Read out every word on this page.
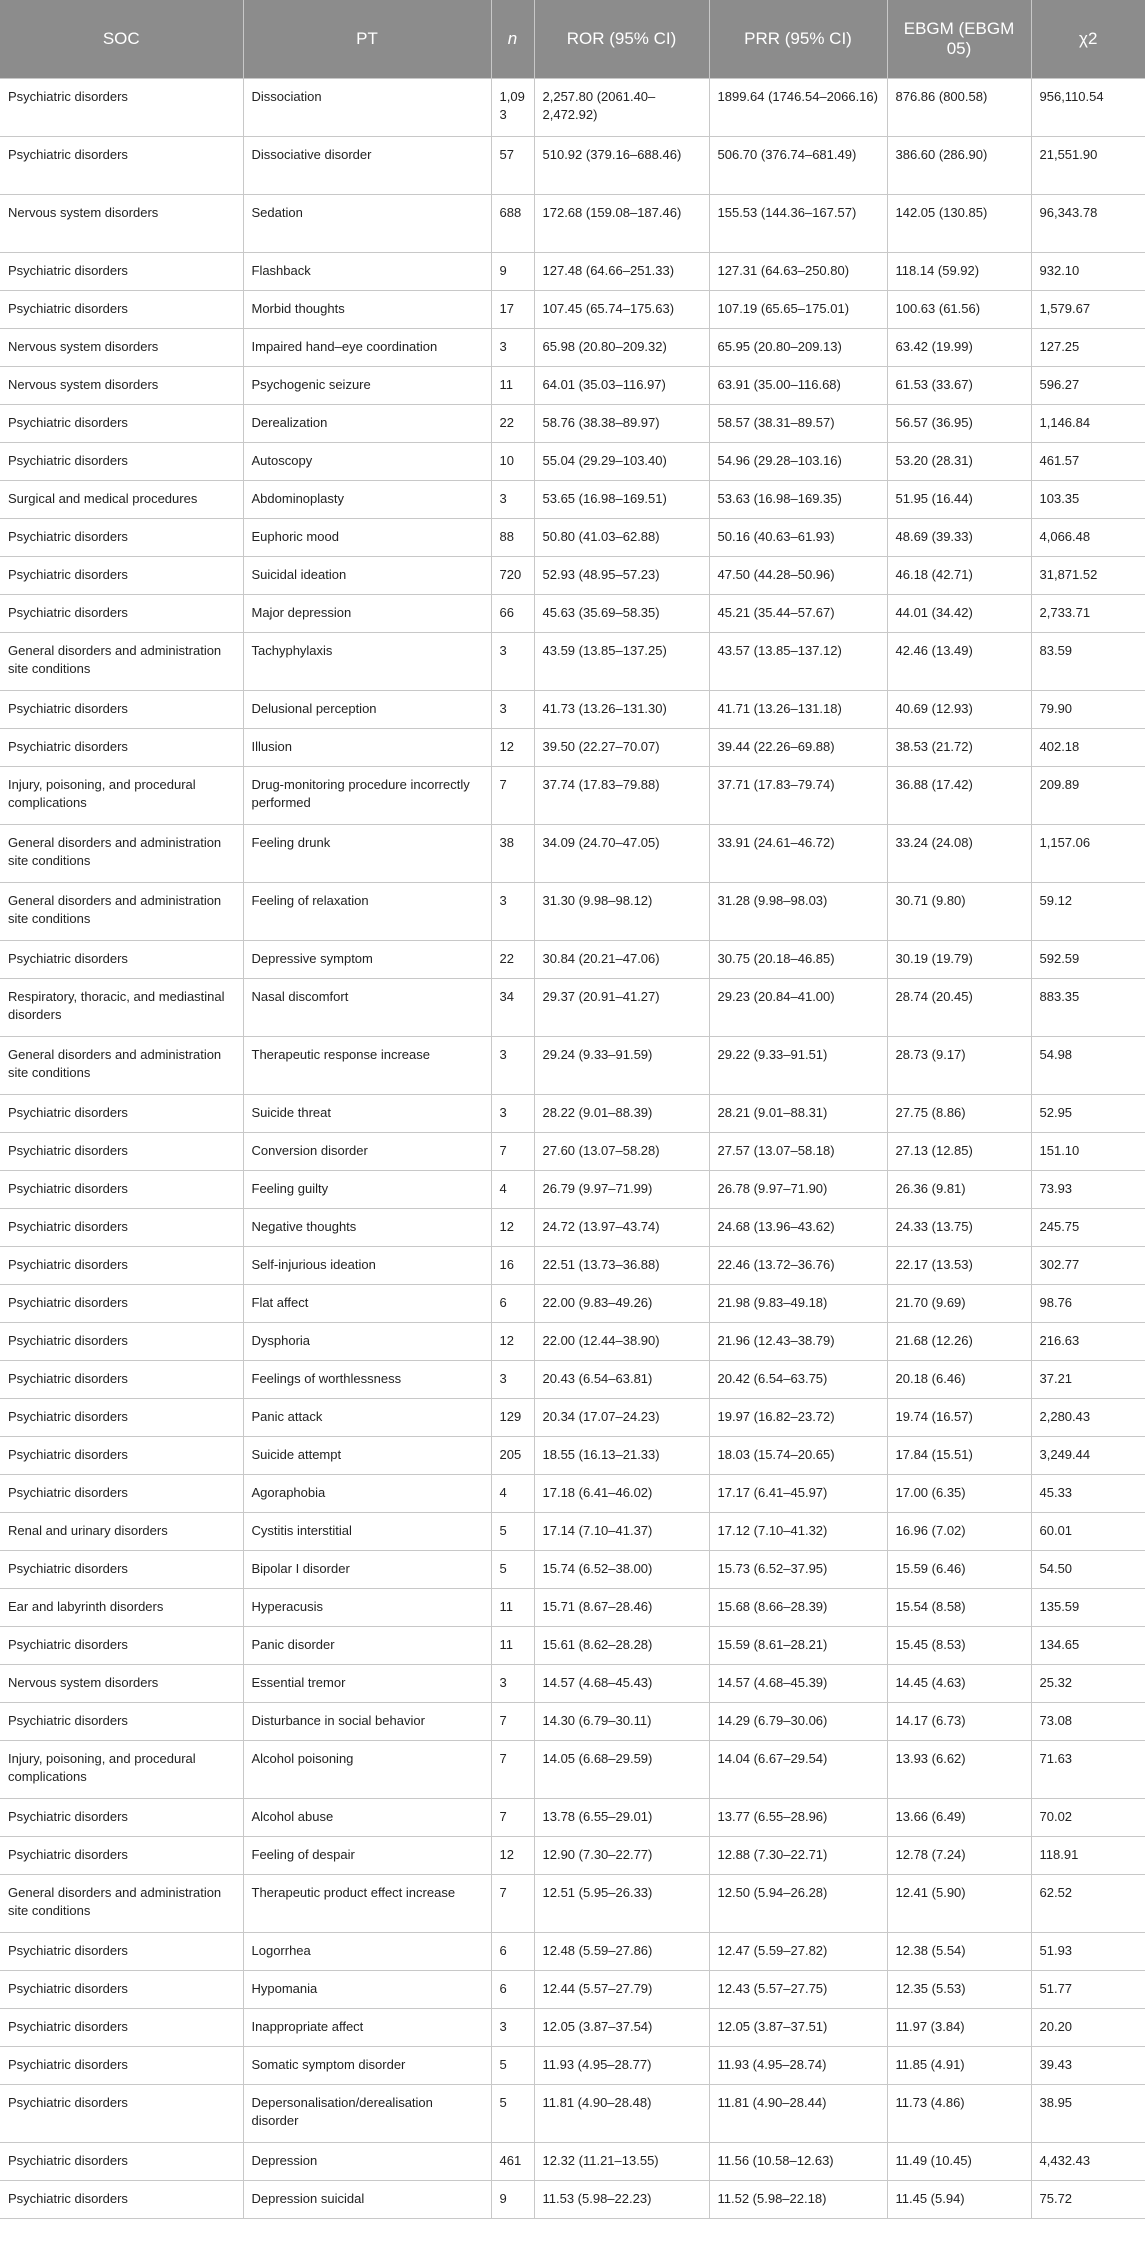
SOC	PT	n	ROR (95% CI)	PRR (95% CI)	EBGM (EBGM 05)	χ2
Psychiatric disorders	Dissociation	1,093	2,257.80 (2061.40–2,472.92)	1899.64 (1746.54–2066.16)	876.86 (800.58)	956,110.54
Psychiatric disorders	Dissociative disorder	57	510.92 (379.16–688.46)	506.70 (376.74–681.49)	386.60 (286.90)	21,551.90
Nervous system disorders	Sedation	688	172.68 (159.08–187.46)	155.53 (144.36–167.57)	142.05 (130.85)	96,343.78
Psychiatric disorders	Flashback	9	127.48 (64.66–251.33)	127.31 (64.63–250.80)	118.14 (59.92)	932.10
Psychiatric disorders	Morbid thoughts	17	107.45 (65.74–175.63)	107.19 (65.65–175.01)	100.63 (61.56)	1,579.67
Nervous system disorders	Impaired hand–eye coordination	3	65.98 (20.80–209.32)	65.95 (20.80–209.13)	63.42 (19.99)	127.25
Nervous system disorders	Psychogenic seizure	11	64.01 (35.03–116.97)	63.91 (35.00–116.68)	61.53 (33.67)	596.27
Psychiatric disorders	Derealization	22	58.76 (38.38–89.97)	58.57 (38.31–89.57)	56.57 (36.95)	1,146.84
Psychiatric disorders	Autoscopy	10	55.04 (29.29–103.40)	54.96 (29.28–103.16)	53.20 (28.31)	461.57
Surgical and medical procedures	Abdominoplasty	3	53.65 (16.98–169.51)	53.63 (16.98–169.35)	51.95 (16.44)	103.35
Psychiatric disorders	Euphoric mood	88	50.80 (41.03–62.88)	50.16 (40.63–61.93)	48.69 (39.33)	4,066.48
Psychiatric disorders	Suicidal ideation	720	52.93 (48.95–57.23)	47.50 (44.28–50.96)	46.18 (42.71)	31,871.52
Psychiatric disorders	Major depression	66	45.63 (35.69–58.35)	45.21 (35.44–57.67)	44.01 (34.42)	2,733.71
General disorders and administration site conditions	Tachyphylaxis	3	43.59 (13.85–137.25)	43.57 (13.85–137.12)	42.46 (13.49)	83.59
Psychiatric disorders	Delusional perception	3	41.73 (13.26–131.30)	41.71 (13.26–131.18)	40.69 (12.93)	79.90
Psychiatric disorders	Illusion	12	39.50 (22.27–70.07)	39.44 (22.26–69.88)	38.53 (21.72)	402.18
Injury, poisoning, and procedural complications	Drug-monitoring procedure incorrectly performed	7	37.74 (17.83–79.88)	37.71 (17.83–79.74)	36.88 (17.42)	209.89
General disorders and administration site conditions	Feeling drunk	38	34.09 (24.70–47.05)	33.91 (24.61–46.72)	33.24 (24.08)	1,157.06
General disorders and administration site conditions	Feeling of relaxation	3	31.30 (9.98–98.12)	31.28 (9.98–98.03)	30.71 (9.80)	59.12
Psychiatric disorders	Depressive symptom	22	30.84 (20.21–47.06)	30.75 (20.18–46.85)	30.19 (19.79)	592.59
Respiratory, thoracic, and mediastinal disorders	Nasal discomfort	34	29.37 (20.91–41.27)	29.23 (20.84–41.00)	28.74 (20.45)	883.35
General disorders and administration site conditions	Therapeutic response increase	3	29.24 (9.33–91.59)	29.22 (9.33–91.51)	28.73 (9.17)	54.98
Psychiatric disorders	Suicide threat	3	28.22 (9.01–88.39)	28.21 (9.01–88.31)	27.75 (8.86)	52.95
Psychiatric disorders	Conversion disorder	7	27.60 (13.07–58.28)	27.57 (13.07–58.18)	27.13 (12.85)	151.10
Psychiatric disorders	Feeling guilty	4	26.79 (9.97–71.99)	26.78 (9.97–71.90)	26.36 (9.81)	73.93
Psychiatric disorders	Negative thoughts	12	24.72 (13.97–43.74)	24.68 (13.96–43.62)	24.33 (13.75)	245.75
Psychiatric disorders	Self-injurious ideation	16	22.51 (13.73–36.88)	22.46 (13.72–36.76)	22.17 (13.53)	302.77
Psychiatric disorders	Flat affect	6	22.00 (9.83–49.26)	21.98 (9.83–49.18)	21.70 (9.69)	98.76
Psychiatric disorders	Dysphoria	12	22.00 (12.44–38.90)	21.96 (12.43–38.79)	21.68 (12.26)	216.63
Psychiatric disorders	Feelings of worthlessness	3	20.43 (6.54–63.81)	20.42 (6.54–63.75)	20.18 (6.46)	37.21
Psychiatric disorders	Panic attack	129	20.34 (17.07–24.23)	19.97 (16.82–23.72)	19.74 (16.57)	2,280.43
Psychiatric disorders	Suicide attempt	205	18.55 (16.13–21.33)	18.03 (15.74–20.65)	17.84 (15.51)	3,249.44
Psychiatric disorders	Agoraphobia	4	17.18 (6.41–46.02)	17.17 (6.41–45.97)	17.00 (6.35)	45.33
Renal and urinary disorders	Cystitis interstitial	5	17.14 (7.10–41.37)	17.12 (7.10–41.32)	16.96 (7.02)	60.01
Psychiatric disorders	Bipolar I disorder	5	15.74 (6.52–38.00)	15.73 (6.52–37.95)	15.59 (6.46)	54.50
Ear and labyrinth disorders	Hyperacusis	11	15.71 (8.67–28.46)	15.68 (8.66–28.39)	15.54 (8.58)	135.59
Psychiatric disorders	Panic disorder	11	15.61 (8.62–28.28)	15.59 (8.61–28.21)	15.45 (8.53)	134.65
Nervous system disorders	Essential tremor	3	14.57 (4.68–45.43)	14.57 (4.68–45.39)	14.45 (4.63)	25.32
Psychiatric disorders	Disturbance in social behavior	7	14.30 (6.79–30.11)	14.29 (6.79–30.06)	14.17 (6.73)	73.08
Injury, poisoning, and procedural complications	Alcohol poisoning	7	14.05 (6.68–29.59)	14.04 (6.67–29.54)	13.93 (6.62)	71.63
Psychiatric disorders	Alcohol abuse	7	13.78 (6.55–29.01)	13.77 (6.55–28.96)	13.66 (6.49)	70.02
Psychiatric disorders	Feeling of despair	12	12.90 (7.30–22.77)	12.88 (7.30–22.71)	12.78 (7.24)	118.91
General disorders and administration site conditions	Therapeutic product effect increase	7	12.51 (5.95–26.33)	12.50 (5.94–26.28)	12.41 (5.90)	62.52
Psychiatric disorders	Logorrhea	6	12.48 (5.59–27.86)	12.47 (5.59–27.82)	12.38 (5.54)	51.93
Psychiatric disorders	Hypomania	6	12.44 (5.57–27.79)	12.43 (5.57–27.75)	12.35 (5.53)	51.77
Psychiatric disorders	Inappropriate affect	3	12.05 (3.87–37.54)	12.05 (3.87–37.51)	11.97 (3.84)	20.20
Psychiatric disorders	Somatic symptom disorder	5	11.93 (4.95–28.77)	11.93 (4.95–28.74)	11.85 (4.91)	39.43
Psychiatric disorders	Depersonalisation/derealisation disorder	5	11.81 (4.90–28.48)	11.81 (4.90–28.44)	11.73 (4.86)	38.95
Psychiatric disorders	Depression	461	12.32 (11.21–13.55)	11.56 (10.58–12.63)	11.49 (10.45)	4,432.43
Psychiatric disorders	Depression suicidal	9	11.53 (5.98–22.23)	11.52 (5.98–22.18)	11.45 (5.94)	75.72
